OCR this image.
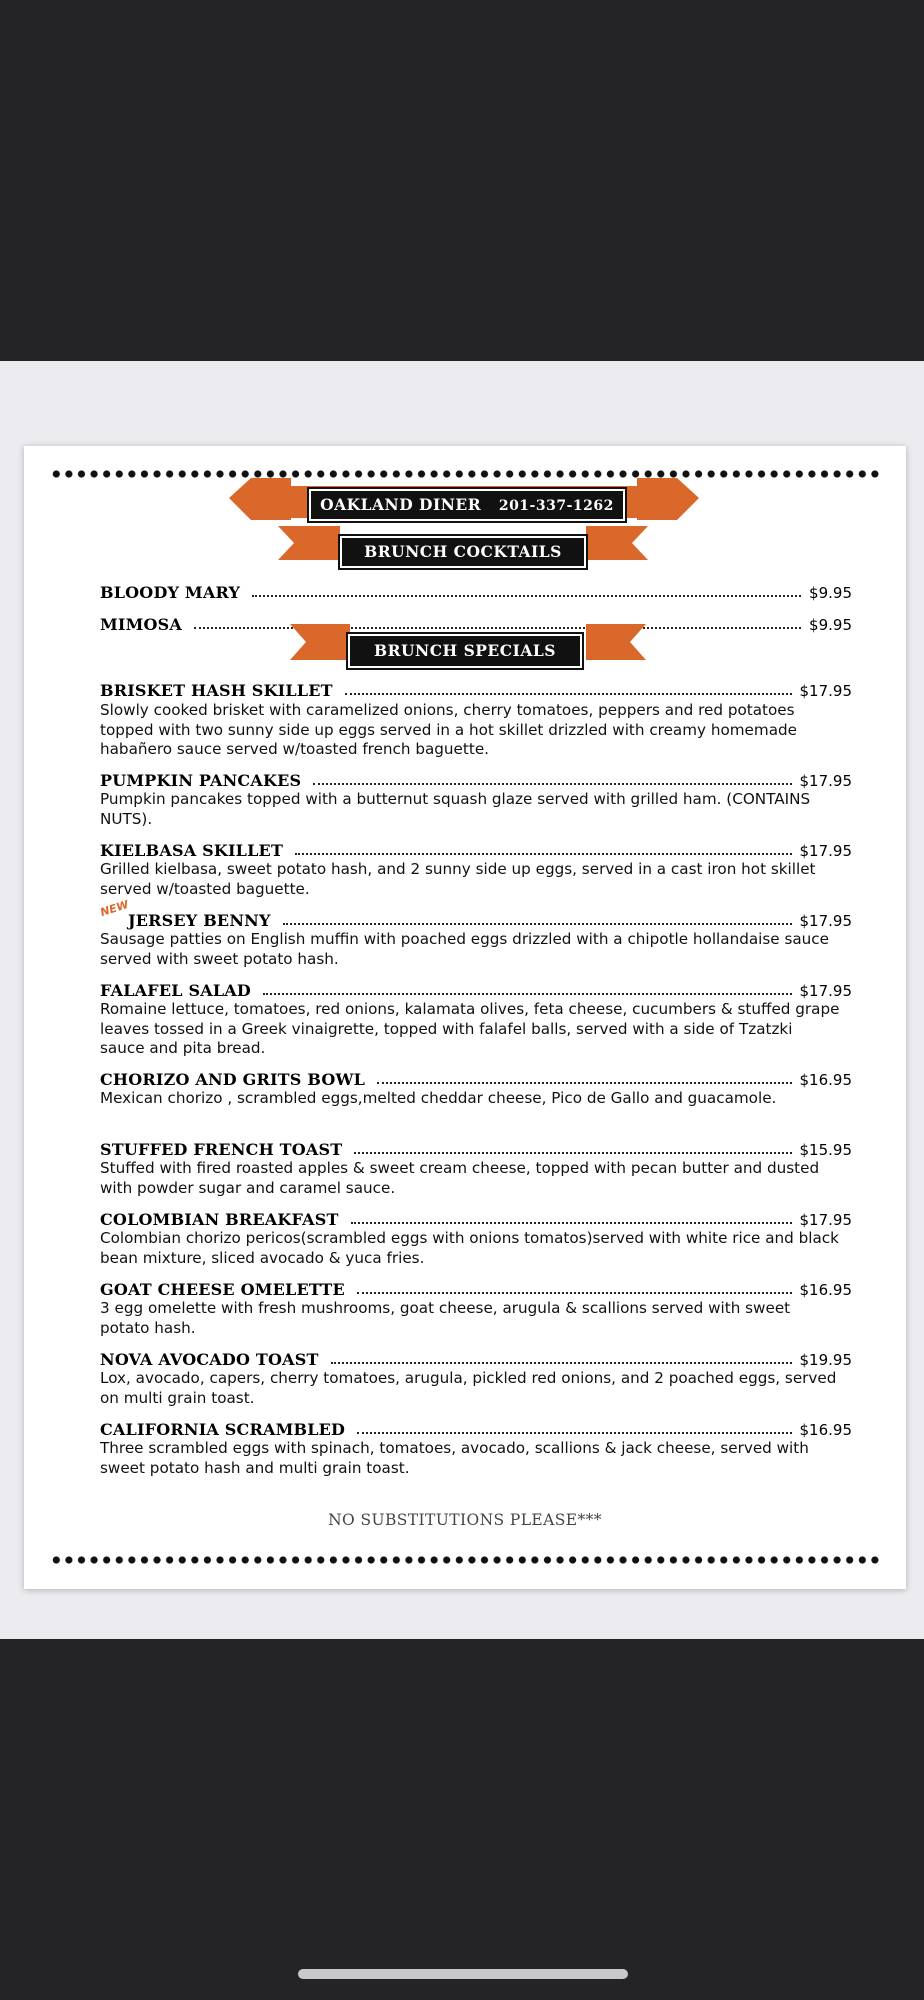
OAKLAND DINER 201-337-1262
BRUNCH COCKTAILS
BLOODY MARY	$9.95
MIMOSA	$9.95
BRUNCH SPECIALS
BRISKET HASH SKILLET	$17.95
Slowly cooked brisket with caramelized onions, cherry tomatoes, peppers and red potatoes topped with two sunny side up eggs served in a hot skillet drizzled with creamy homemade habañero sauce served w/toasted french baguette.
PUMPKIN PANCAKES	$17.95
Pumpkin pancakes topped with a butternut squash glaze served with grilled ham. (CONTAINS NUTS).
KIELBASA SKILLET	$17.95
Grilled kielbasa, sweet potato hash, and 2 sunny side up eggs, served in a cast iron hot skillet served w/toasted baguette.
NEW
JERSEY BENNY	$17.95
Sausage patties on English muffin with poached eggs drizzled with a chipotle hollandaise sauce served with sweet potato hash.
FALAFEL SALAD	$17.95
Romaine lettuce, tomatoes, red onions, kalamata olives, feta cheese, cucumbers & stuffed grape leaves tossed in a Greek vinaigrette, topped with falafel balls, served with a side of Tzatzki sauce and pita bread.
CHORIZO AND GRITS BOWL	$16.95
Mexican chorizo , scrambled eggs,melted cheddar cheese, Pico de Gallo and guacamole.
STUFFED FRENCH TOAST	$15.95
Stuffed with fired roasted apples & sweet cream cheese, topped with pecan butter and dusted with powder sugar and caramel sauce.
COLOMBIAN BREAKFAST	$17.95
Colombian chorizo pericos(scrambled eggs with onions tomatos)served with white rice and black bean mixture, sliced avocado & yuca fries.
GOAT CHEESE OMELETTE	$16.95
3 egg omelette with fresh mushrooms, goat cheese, arugula & scallions served with sweet potato hash.
NOVA AVOCADO TOAST	$19.95
Lox, avocado, capers, cherry tomatoes, arugula, pickled red onions, and 2 poached eggs, served on multi grain toast.
CALIFORNIA SCRAMBLED	$16.95
Three scrambled eggs with spinach, tomatoes, avocado, scallions & jack cheese, served with sweet potato hash and multi grain toast.
NO SUBSTITUTIONS PLEASE***
